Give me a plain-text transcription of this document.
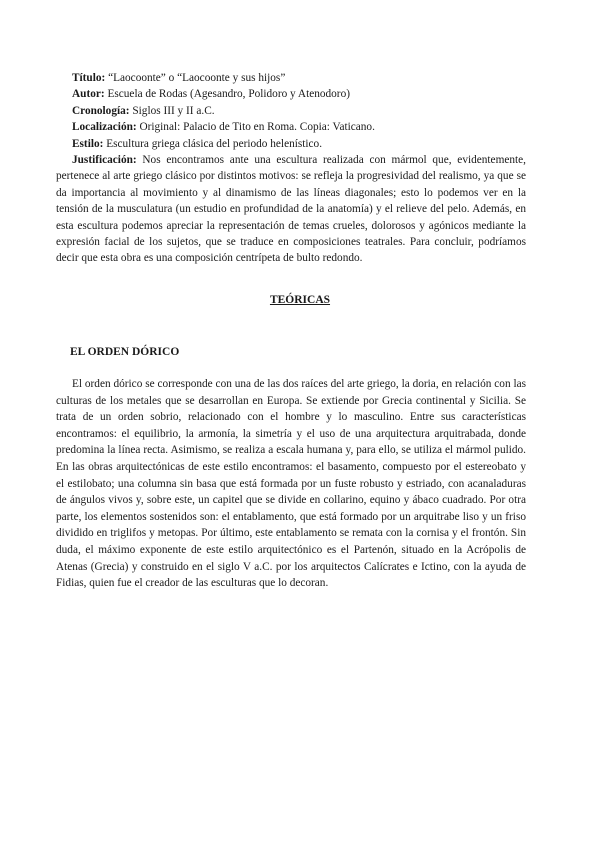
Título: “Laocoonte” o “Laocoonte y sus hijos”

Autor: Escuela de Rodas (Agesandro, Polidoro y Atenodoro)

Cronología: Siglos III y II a.C.

Localización: Original: Palacio de Tito en Roma. Copia: Vaticano.

Estilo: Escultura griega clásica del periodo helenístico.

Justificación: Nos encontramos ante una escultura realizada con mármol que, evidentemente, pertenece al arte griego clásico por distintos motivos: se refleja la progresividad del realismo, ya que se da importancia al movimiento y al dinamismo de las líneas diagonales; esto lo podemos ver en la tensión de la musculatura (un estudio en profundidad de la anatomía) y el relieve del pelo. Además, en esta escultura podemos apreciar la representación de temas crueles, dolorosos y agónicos mediante la expresión facial de los sujetos, que se traduce en composiciones teatrales. Para concluir, podríamos decir que esta obra es una composición centrípeta de bulto redondo.

TEÓRICAS
EL ORDEN DÓRICO

El orden dórico se corresponde con una de las dos raíces del arte griego, la doria, en relación con las culturas de los metales que se desarrollan en Europa. Se extiende por Grecia continental y Sicilia. Se trata de un orden sobrio, relacionado con el hombre y lo masculino. Entre sus características encontramos: el equilibrio, la armonía, la simetría y el uso de una arquitectura arquitrabada, donde predomina la línea recta. Asimismo, se realiza a escala humana y, para ello, se utiliza el mármol pulido. En las obras arquitectónicas de este estilo encontramos: el basamento, compuesto por el estereobato y el estilobato; una columna sin basa que está formada por un fuste robusto y estriado, con acanaladuras de ángulos vivos y, sobre este, un capitel que se divide en collarino, equino y ábaco cuadrado. Por otra parte, los elementos sostenidos son: el entablamento, que está formado por un arquitrabe liso y un friso dividido en triglifos y metopas. Por último, este entablamento se remata con la cornisa y el frontón. Sin duda, el máximo exponente de este estilo arquitectónico es el Partenón, situado en la Acrópolis de Atenas (Grecia) y construido en el siglo V a.C. por los arquitectos Calícrates e Ictino, con la ayuda de Fidias, quien fue el creador de las esculturas que lo decoran.
